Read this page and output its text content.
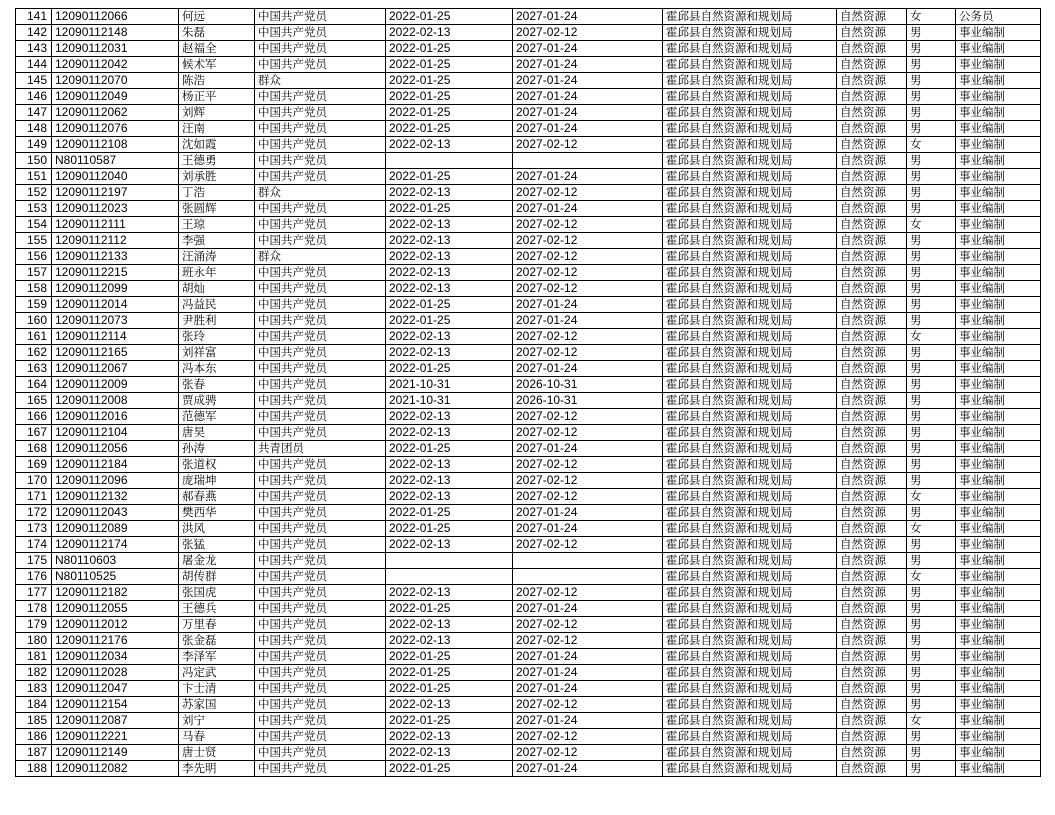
141	12090112066	何远	中国共产党员	2022-01-25	2027-01-24	霍邱县自然资源和规划局	自然资源	女	公务员
142	12090112148	朱磊	中国共产党员	2022-02-13	2027-02-12	霍邱县自然资源和规划局	自然资源	男	事业编制
143	12090112031	赵福全	中国共产党员	2022-01-25	2027-01-24	霍邱县自然资源和规划局	自然资源	男	事业编制
144	12090112042	候术军	中国共产党员	2022-01-25	2027-01-24	霍邱县自然资源和规划局	自然资源	男	事业编制
145	12090112070	陈浩	群众	2022-01-25	2027-01-24	霍邱县自然资源和规划局	自然资源	男	事业编制
146	12090112049	杨正平	中国共产党员	2022-01-25	2027-01-24	霍邱县自然资源和规划局	自然资源	男	事业编制
147	12090112062	刘辉	中国共产党员	2022-01-25	2027-01-24	霍邱县自然资源和规划局	自然资源	男	事业编制
148	12090112076	汪南	中国共产党员	2022-01-25	2027-01-24	霍邱县自然资源和规划局	自然资源	男	事业编制
149	12090112108	沈如霞	中国共产党员	2022-02-13	2027-02-12	霍邱县自然资源和规划局	自然资源	女	事业编制
150	N80110587	王德勇	中国共产党员			霍邱县自然资源和规划局	自然资源	男	事业编制
151	12090112040	刘承胜	中国共产党员	2022-01-25	2027-01-24	霍邱县自然资源和规划局	自然资源	男	事业编制
152	12090112197	丁浩	群众	2022-02-13	2027-02-12	霍邱县自然资源和规划局	自然资源	男	事业编制
153	12090112023	张圆辉	中国共产党员	2022-01-25	2027-01-24	霍邱县自然资源和规划局	自然资源	男	事业编制
154	12090112111	王琼	中国共产党员	2022-02-13	2027-02-12	霍邱县自然资源和规划局	自然资源	女	事业编制
155	12090112112	李强	中国共产党员	2022-02-13	2027-02-12	霍邱县自然资源和规划局	自然资源	男	事业编制
156	12090112133	汪涌涛	群众	2022-02-13	2027-02-12	霍邱县自然资源和规划局	自然资源	男	事业编制
157	12090112215	班永年	中国共产党员	2022-02-13	2027-02-12	霍邱县自然资源和规划局	自然资源	男	事业编制
158	12090112099	胡灿	中国共产党员	2022-02-13	2027-02-12	霍邱县自然资源和规划局	自然资源	男	事业编制
159	12090112014	冯益民	中国共产党员	2022-01-25	2027-01-24	霍邱县自然资源和规划局	自然资源	男	事业编制
160	12090112073	尹胜利	中国共产党员	2022-01-25	2027-01-24	霍邱县自然资源和规划局	自然资源	男	事业编制
161	12090112114	张玲	中国共产党员	2022-02-13	2027-02-12	霍邱县自然资源和规划局	自然资源	女	事业编制
162	12090112165	刘祥富	中国共产党员	2022-02-13	2027-02-12	霍邱县自然资源和规划局	自然资源	男	事业编制
163	12090112067	冯本东	中国共产党员	2022-01-25	2027-01-24	霍邱县自然资源和规划局	自然资源	男	事业编制
164	12090112009	张春	中国共产党员	2021-10-31	2026-10-31	霍邱县自然资源和规划局	自然资源	男	事业编制
165	12090112008	贾成骋	中国共产党员	2021-10-31	2026-10-31	霍邱县自然资源和规划局	自然资源	男	事业编制
166	12090112016	范德军	中国共产党员	2022-02-13	2027-02-12	霍邱县自然资源和规划局	自然资源	男	事业编制
167	12090112104	唐昊	中国共产党员	2022-02-13	2027-02-12	霍邱县自然资源和规划局	自然资源	男	事业编制
168	12090112056	孙涛	共青团员	2022-01-25	2027-01-24	霍邱县自然资源和规划局	自然资源	男	事业编制
169	12090112184	张道权	中国共产党员	2022-02-13	2027-02-12	霍邱县自然资源和规划局	自然资源	男	事业编制
170	12090112096	庞瑞坤	中国共产党员	2022-02-13	2027-02-12	霍邱县自然资源和规划局	自然资源	男	事业编制
171	12090112132	郝春燕	中国共产党员	2022-02-13	2027-02-12	霍邱县自然资源和规划局	自然资源	女	事业编制
172	12090112043	樊西华	中国共产党员	2022-01-25	2027-01-24	霍邱县自然资源和规划局	自然资源	男	事业编制
173	12090112089	洪风	中国共产党员	2022-01-25	2027-01-24	霍邱县自然资源和规划局	自然资源	女	事业编制
174	12090112174	张猛	中国共产党员	2022-02-13	2027-02-12	霍邱县自然资源和规划局	自然资源	男	事业编制
175	N80110603	屠金龙	中国共产党员			霍邱县自然资源和规划局	自然资源	男	事业编制
176	N80110525	胡传群	中国共产党员			霍邱县自然资源和规划局	自然资源	女	事业编制
177	12090112182	张国虎	中国共产党员	2022-02-13	2027-02-12	霍邱县自然资源和规划局	自然资源	男	事业编制
178	12090112055	王德兵	中国共产党员	2022-01-25	2027-01-24	霍邱县自然资源和规划局	自然资源	男	事业编制
179	12090112012	万里春	中国共产党员	2022-02-13	2027-02-12	霍邱县自然资源和规划局	自然资源	男	事业编制
180	12090112176	张金磊	中国共产党员	2022-02-13	2027-02-12	霍邱县自然资源和规划局	自然资源	男	事业编制
181	12090112034	李泽军	中国共产党员	2022-01-25	2027-01-24	霍邱县自然资源和规划局	自然资源	男	事业编制
182	12090112028	冯定武	中国共产党员	2022-01-25	2027-01-24	霍邱县自然资源和规划局	自然资源	男	事业编制
183	12090112047	卞士清	中国共产党员	2022-01-25	2027-01-24	霍邱县自然资源和规划局	自然资源	男	事业编制
184	12090112154	苏家国	中国共产党员	2022-02-13	2027-02-12	霍邱县自然资源和规划局	自然资源	男	事业编制
185	12090112087	刘宁	中国共产党员	2022-01-25	2027-01-24	霍邱县自然资源和规划局	自然资源	女	事业编制
186	12090112221	马春	中国共产党员	2022-02-13	2027-02-12	霍邱县自然资源和规划局	自然资源	男	事业编制
187	12090112149	唐士贤	中国共产党员	2022-02-13	2027-02-12	霍邱县自然资源和规划局	自然资源	男	事业编制
188	12090112082	李先明	中国共产党员	2022-01-25	2027-01-24	霍邱县自然资源和规划局	自然资源	男	事业编制
